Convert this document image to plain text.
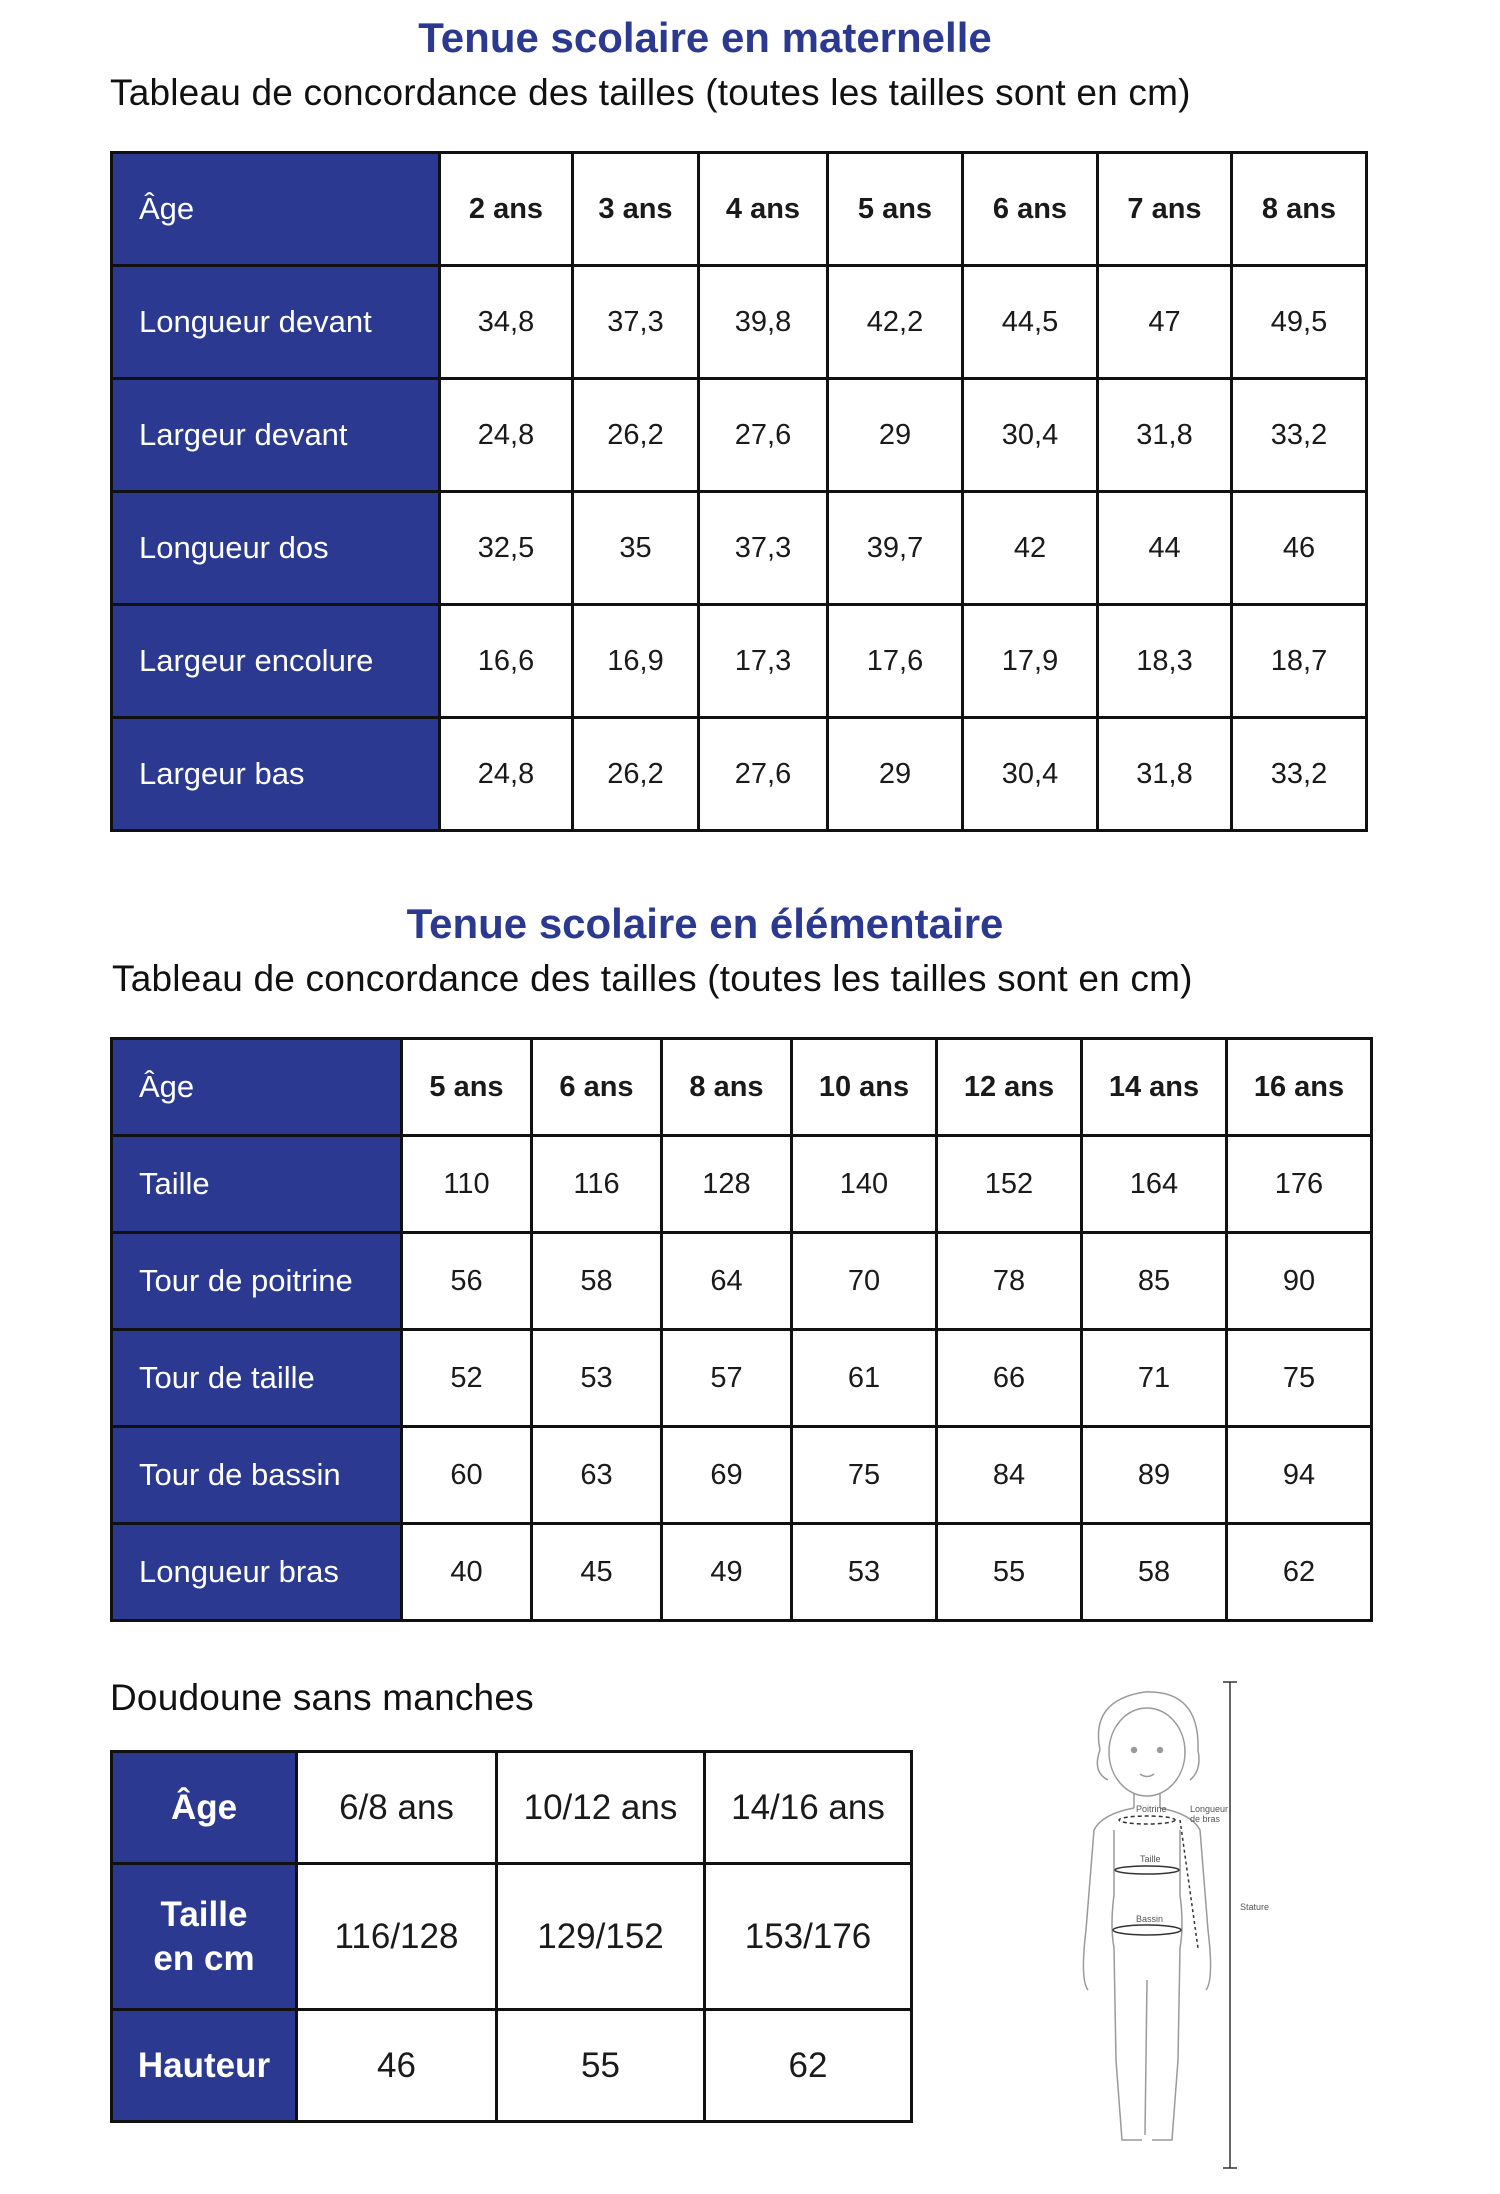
Tenue scolaire en maternelle
Tableau de concordance des tailles (toutes les tailles sont en cm)
Âge	2 ans	3 ans	4 ans	5 ans	6 ans	7 ans	8 ans
Longueur devant	34,8	37,3	39,8	42,2	44,5	47	49,5
Largeur devant	24,8	26,2	27,6	29	30,4	31,8	33,2
Longueur dos	32,5	35	37,3	39,7	42	44	46
Largeur encolure	16,6	16,9	17,3	17,6	17,9	18,3	18,7
Largeur bas	24,8	26,2	27,6	29	30,4	31,8	33,2
Tenue scolaire en élémentaire
Tableau de concordance des tailles (toutes les tailles sont en cm)
Âge	5 ans	6 ans	8 ans	10 ans	12 ans	14 ans	16 ans
Taille	110	116	128	140	152	164	176
Tour de poitrine	56	58	64	70	78	85	90
Tour de taille	52	53	57	61	66	71	75
Tour de bassin	60	63	69	75	84	89	94
Longueur bras	40	45	49	53	55	58	62
Doudoune sans manches
Âge	6/8 ans	10/12 ans	14/16 ans
Taille
en cm	116/128	129/152	153/176
Hauteur	46	55	62
Poitrine
Taille
Bassin
Longueur
de bras
Stature
